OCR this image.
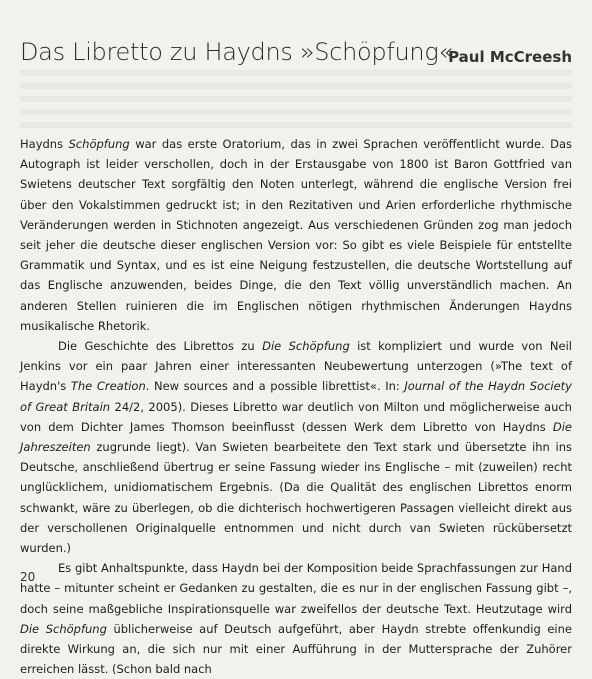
Das Libretto zu Haydns »Schöpfung«
Paul McCreesh

Haydns Schöpfung war das erste Oratorium, das in zwei Sprachen veröffentlicht wurde. Das Autograph ist leider verschollen, doch in der Erstausgabe von 1800 ist Baron Gottfried van Swietens deutscher Text sorgfältig den Noten unterlegt, während die englische Version frei über den Vokalstimmen gedruckt ist; in den Rezitativen und Arien erforderliche rhythmische Veränderungen werden in Stichnoten angezeigt. Aus verschiedenen Gründen zog man jedoch seit jeher die deutsche dieser englischen Version vor: So gibt es viele Beispiele für entstellte Grammatik und Syntax, und es ist eine Neigung festzustellen, die deutsche Wortstellung auf das Englische anzuwenden, beides Dinge, die den Text völlig unverständlich machen. An anderen Stellen ruinieren die im Englischen nötigen rhythmischen Änderungen Haydns musikalische Rhetorik.

Die Geschichte des Librettos zu Die Schöpfung ist kompliziert und wurde von Neil Jenkins vor ein paar Jahren einer interessanten Neubewertung unterzogen (»The text of Haydn's The Creation. New sources and a possible librettist«. In: Journal of the Haydn Society of Great Britain 24/2, 2005). Dieses Libretto war deutlich von Milton und möglicherweise auch von dem Dichter James Thomson beeinflusst (dessen Werk dem Libretto von Haydns Die Jahreszeiten zugrunde liegt). Van Swieten bearbeitete den Text stark und übersetzte ihn ins Deutsche, anschließend übertrug er seine Fassung wieder ins Englische – mit (zuweilen) recht unglücklichem, unidiomatischem Ergebnis. (Da die Qualität des englischen Librettos enorm schwankt, wäre zu überlegen, ob die dichterisch hochwertigeren Passagen vielleicht direkt aus der verschollenen Originalquelle entnommen und nicht durch van Swieten rückübersetzt wurden.)

Es gibt Anhaltspunkte, dass Haydn bei der Komposition beide Sprachfassungen zur Hand hatte – mitunter scheint er Gedanken zu gestalten, die es nur in der englischen Fassung gibt –, doch seine maßgebliche Inspirationsquelle war zweifellos der deutsche Text. Heutzutage wird Die Schöpfung üblicherweise auf Deutsch aufgeführt, aber Haydn strebte offenkundig eine direkte Wirkung an, die sich nur mit einer Aufführung in der Muttersprache der Zuhörer erreichen lässt. (Schon bald nach

20
